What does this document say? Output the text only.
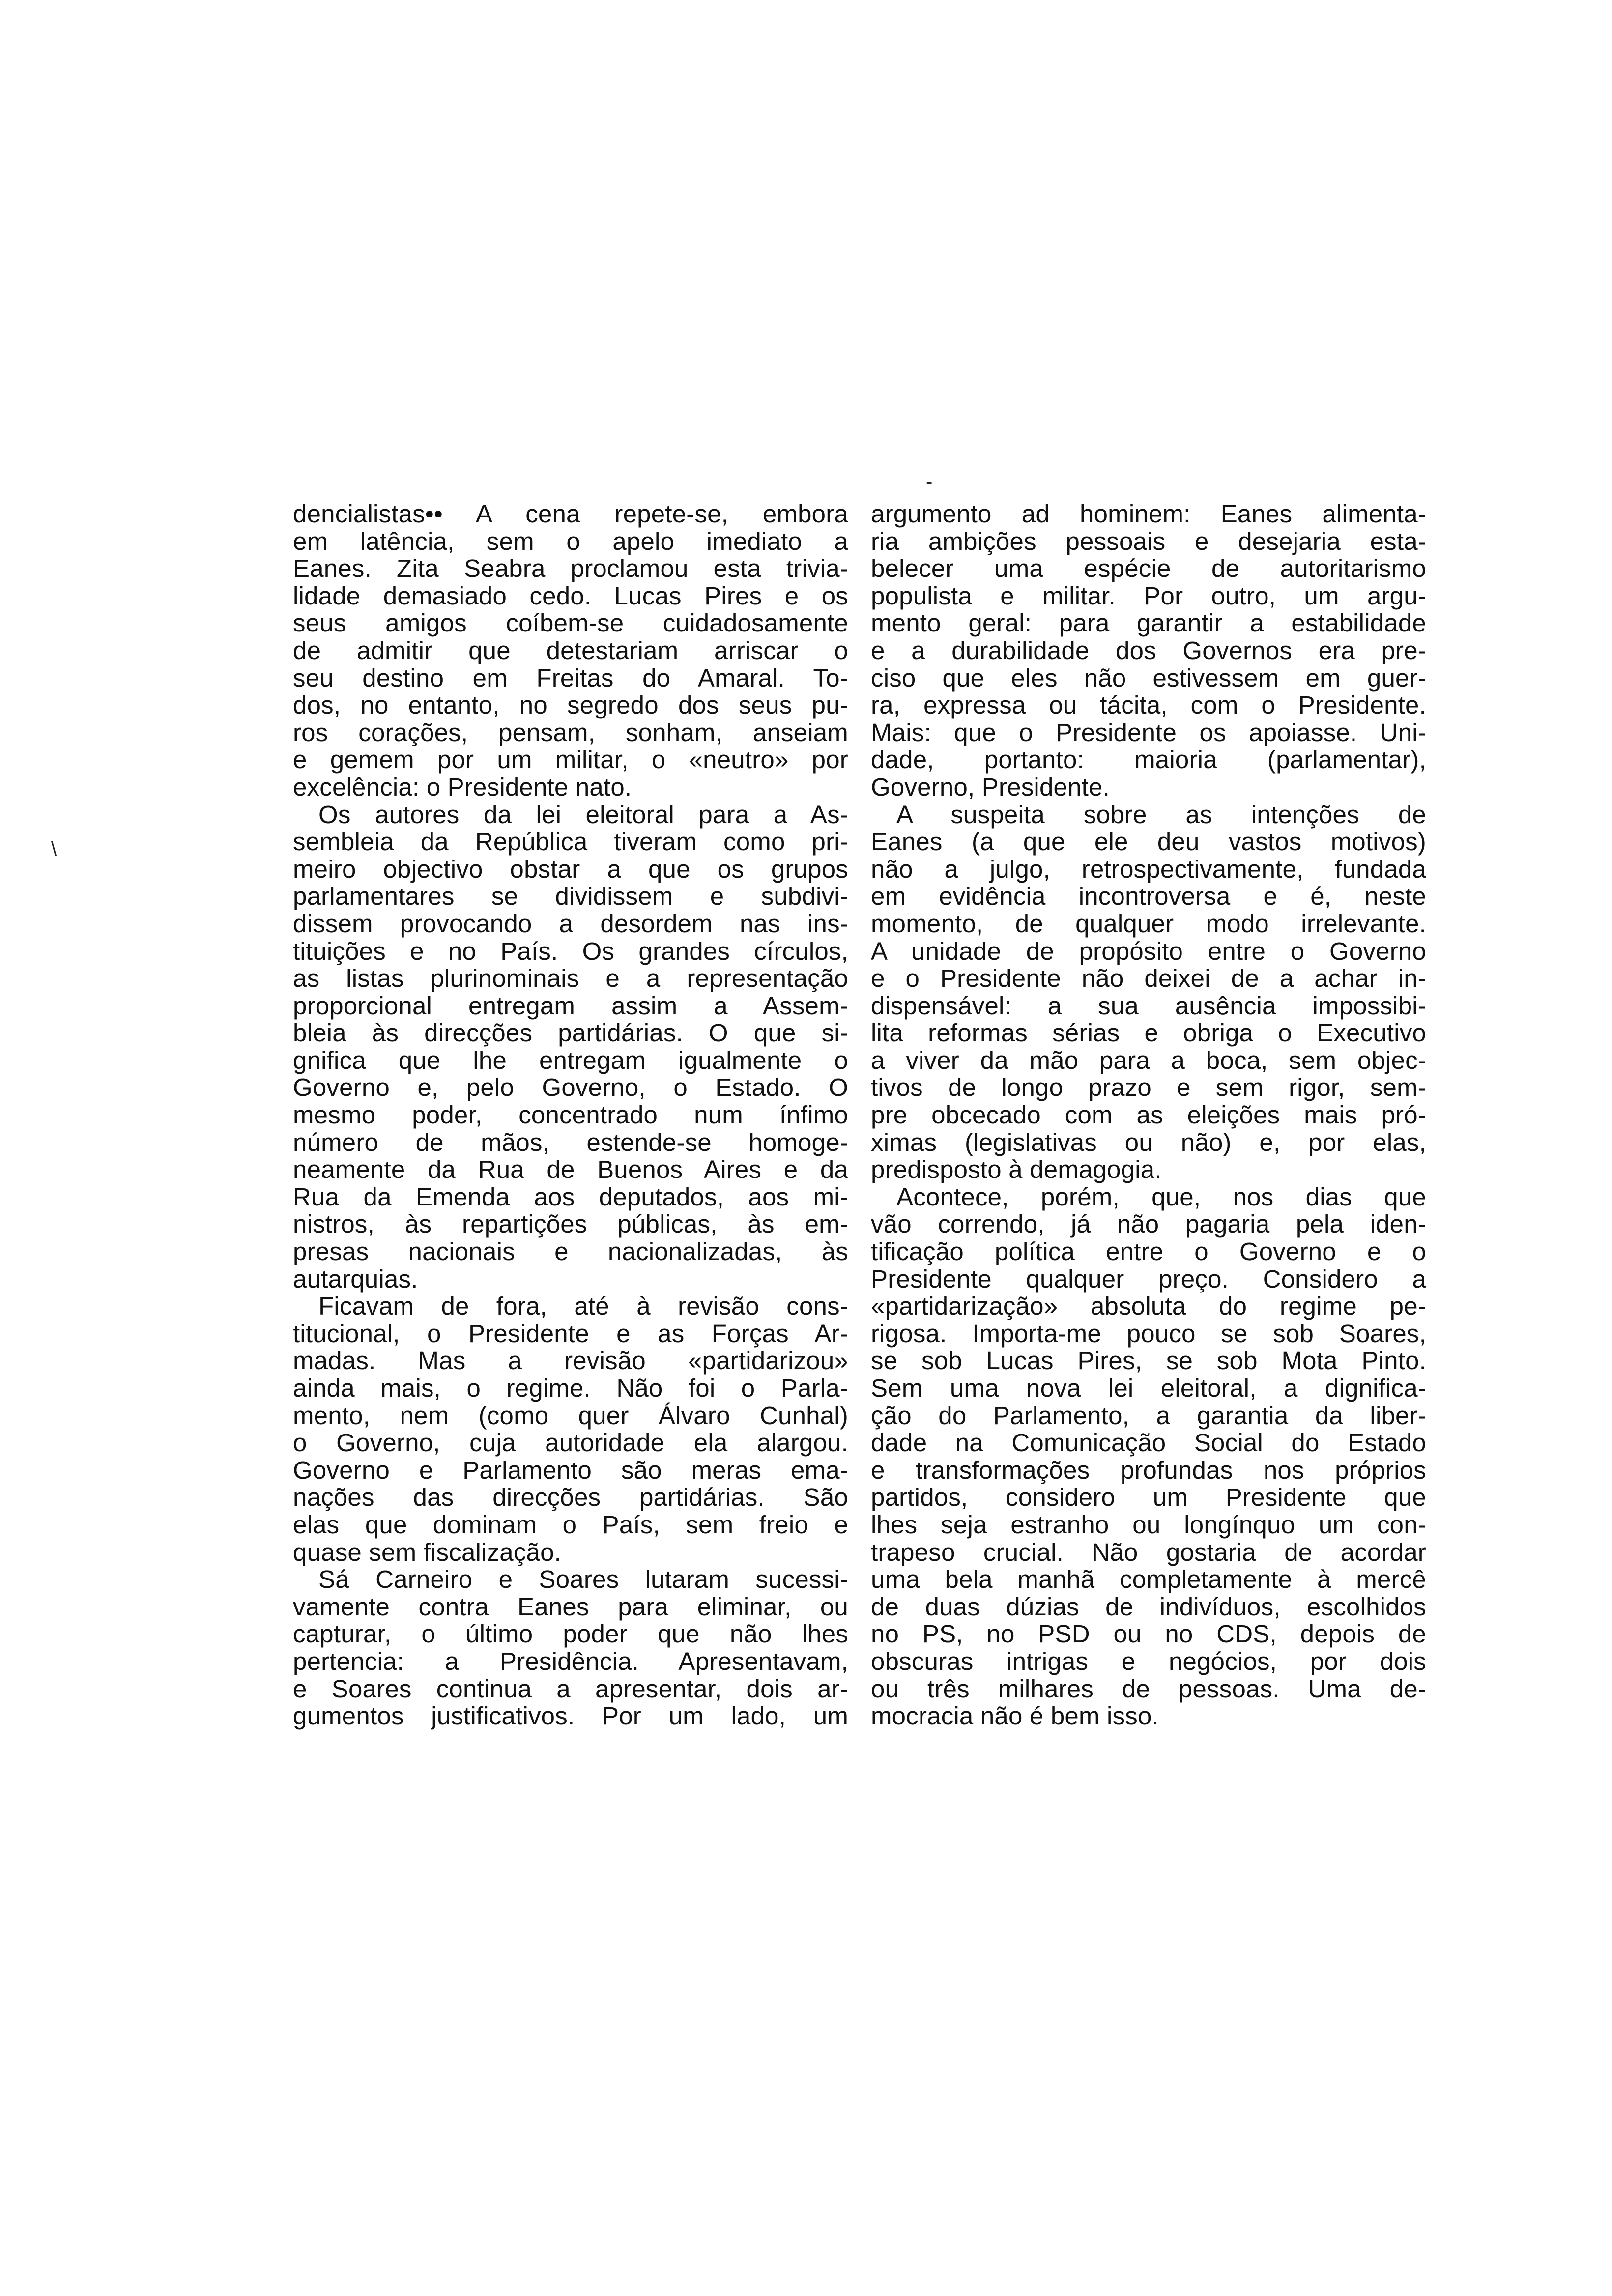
-
\
dencialistas•• A cena repete-se, embora
em latência, sem o apelo imediato a
Eanes. Zita Seabra proclamou esta trivia-
lidade demasiado cedo. Lucas Pires e os
seus amigos coíbem-se cuidadosamente
de admitir que detestariam arriscar o
seu destino em Freitas do Amaral. To-
dos, no entanto, no segredo dos seus pu-
ros corações, pensam, sonham, anseiam
e gemem por um militar, o «neutro» por
excelência: o Presidente nato.
Os autores da lei eleitoral para a As-
sembleia da República tiveram como pri-
meiro objectivo obstar a que os grupos
parlamentares se dividissem e subdivi-
dissem provocando a desordem nas ins-
tituições e no País. Os grandes círculos,
as listas plurinominais e a representação
proporcional entregam assim a Assem-
bleia às direcções partidárias. O que si-
gnifica que lhe entregam igualmente o
Governo e, pelo Governo, o Estado. O
mesmo poder, concentrado num ínfimo
número de mãos, estende-se homoge-
neamente da Rua de Buenos Aires e da
Rua da Emenda aos deputados, aos mi-
nistros, às repartições públicas, às em-
presas nacionais e nacionalizadas, às
autarquias.
Ficavam de fora, até à revisão cons-
titucional, o Presidente e as Forças Ar-
madas. Mas a revisão «partidarizou»
ainda mais, o regime. Não foi o Parla-
mento, nem (como quer Álvaro Cunhal)
o Governo, cuja autoridade ela alargou.
Governo e Parlamento são meras ema-
nações das direcções partidárias. São
elas que dominam o País, sem freio e
quase sem fiscalização.
Sá Carneiro e Soares lutaram sucessi-
vamente contra Eanes para eliminar, ou
capturar, o último poder que não lhes
pertencia: a Presidência. Apresentavam,
e Soares continua a apresentar, dois ar-
gumentos justificativos. Por um lado, um
argumento ad hominem: Eanes alimenta-
ria ambições pessoais e desejaria esta-
belecer uma espécie de autoritarismo
populista e militar. Por outro, um argu-
mento geral: para garantir a estabilidade
e a durabilidade dos Governos era pre-
ciso que eles não estivessem em guer-
ra, expressa ou tácita, com o Presidente.
Mais: que o Presidente os apoiasse. Uni-
dade, portanto: maioria (parlamentar),
Governo, Presidente.
A suspeita sobre as intenções de
Eanes (a que ele deu vastos motivos)
não a julgo, retrospectivamente, fundada
em evidência incontroversa e é, neste
momento, de qualquer modo irrelevante.
A unidade de propósito entre o Governo
e o Presidente não deixei de a achar in-
dispensável: a sua ausência impossibi-
lita reformas sérias e obriga o Executivo
a viver da mão para a boca, sem objec-
tivos de longo prazo e sem rigor, sem-
pre obcecado com as eleições mais pró-
ximas (legislativas ou não) e, por elas,
predisposto à demagogia.
Acontece, porém, que, nos dias que
vão correndo, já não pagaria pela iden-
tificação política entre o Governo e o
Presidente qualquer preço. Considero a
«partidarização» absoluta do regime pe-
rigosa. Importa-me pouco se sob Soares,
se sob Lucas Pires, se sob Mota Pinto.
Sem uma nova lei eleitoral, a dignifica-
ção do Parlamento, a garantia da liber-
dade na Comunicação Social do Estado
e transformações profundas nos próprios
partidos, considero um Presidente que
lhes seja estranho ou longínquo um con-
trapeso crucial. Não gostaria de acordar
uma bela manhã completamente à mercê
de duas dúzias de indivíduos, escolhidos
no PS, no PSD ou no CDS, depois de
obscuras intrigas e negócios, por dois
ou três milhares de pessoas. Uma de-
mocracia não é bem isso.
